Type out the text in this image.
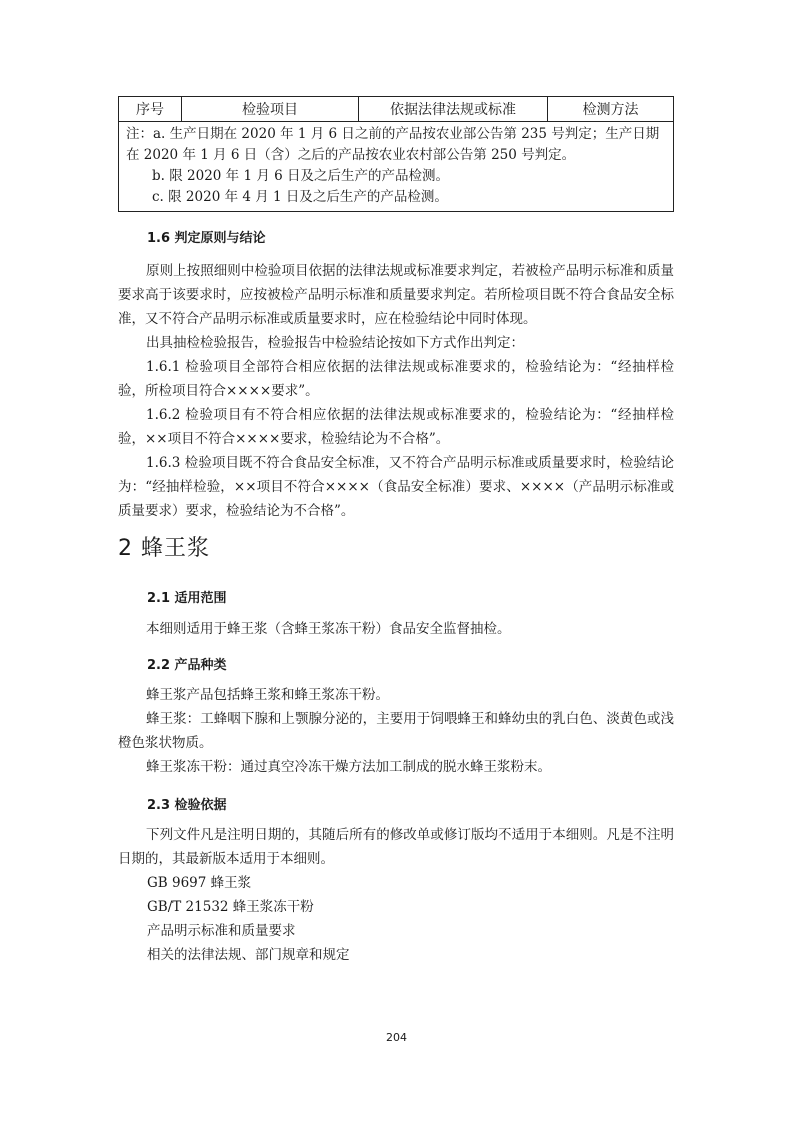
序号	检验项目	依据法律法规或标准	检测方法

注：a. 生产日期在 2020 年 1 月 6 日之前的产品按农业部公告第 235 号判定；生产日期在 2020 年 1 月 6 日（含）之后的产品按农业农村部公告第 250 号判定。
b. 限 2020 年 1 月 6 日及之后生产的产品检测。
c. 限 2020 年 4 月 1 日及之后生产的产品检测。
1.6 判定原则与结论
原则上按照细则中检验项目依据的法律法规或标准要求判定，若被检产品明示标准和质量要求高于该要求时，应按被检产品明示标准和质量要求判定。若所检项目既不符合食品安全标准，又不符合产品明示标准或质量要求时，应在检验结论中同时体现。
出具抽检检验报告，检验报告中检验结论按如下方式作出判定：
1.6.1 检验项目全部符合相应依据的法律法规或标准要求的，检验结论为：“经抽样检验，所检项目符合××××要求”。
1.6.2 检验项目有不符合相应依据的法律法规或标准要求的，检验结论为：“经抽样检验，××项目不符合××××要求，检验结论为不合格”。
1.6.3 检验项目既不符合食品安全标准，又不符合产品明示标准或质量要求时，检验结论为：“经抽样检验，××项目不符合××××（食品安全标准）要求、××××（产品明示标准或质量要求）要求，检验结论为不合格”。
2 蜂王浆
2.1 适用范围
本细则适用于蜂王浆（含蜂王浆冻干粉）食品安全监督抽检。
2.2 产品种类
蜂王浆产品包括蜂王浆和蜂王浆冻干粉。
蜂王浆：工蜂咽下腺和上颚腺分泌的，主要用于饲喂蜂王和蜂幼虫的乳白色、淡黄色或浅橙色浆状物质。
蜂王浆冻干粉：通过真空冷冻干燥方法加工制成的脱水蜂王浆粉末。
2.3 检验依据
下列文件凡是注明日期的，其随后所有的修改单或修订版均不适用于本细则。凡是不注明日期的，其最新版本适用于本细则。
GB 9697 蜂王浆
GB/T 21532 蜂王浆冻干粉
产品明示标准和质量要求
相关的法律法规、部门规章和规定
204
